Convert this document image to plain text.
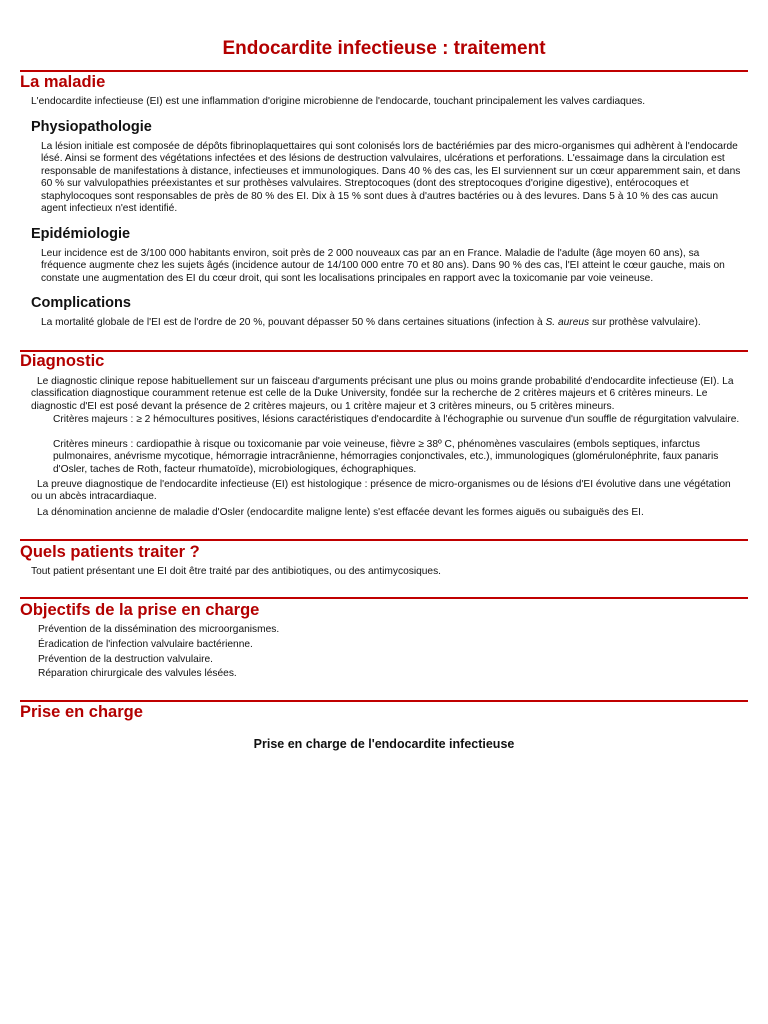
Endocardite infectieuse : traitement
La maladie
L'endocardite infectieuse (EI) est une inflammation d'origine microbienne de l'endocarde, touchant principalement les valves cardiaques.
Physiopathologie
La lésion initiale est composée de dépôts fibrinoplaquettaires qui sont colonisés lors de bactériémies par des micro-organismes qui adhèrent à l'endocarde lésé. Ainsi se forment des végétations infectées et des lésions de destruction valvulaires, ulcérations et perforations. L'essaimage dans la circulation est responsable de manifestations à distance, infectieuses et immunologiques. Dans 40 % des cas, les EI surviennent sur un cœur apparemment sain, et dans 60 % sur valvulopathies préexistantes et sur prothèses valvulaires. Streptocoques (dont des streptocoques d'origine digestive), entérocoques et staphylocoques sont responsables de près de 80 % des EI. Dix à 15 % sont dues à d'autres bactéries ou à des levures. Dans 5 à 10 % des cas aucun agent infectieux n'est identifié.
Epidémiologie
Leur incidence est de 3/100 000 habitants environ, soit près de 2 000 nouveaux cas par an en France. Maladie de l'adulte (âge moyen 60 ans), sa fréquence augmente chez les sujets âgés (incidence autour de 14/100 000 entre 70 et 80 ans). Dans 90 % des cas, l'EI atteint le cœur gauche, mais on constate une augmentation des EI du cœur droit, qui sont les localisations principales en rapport avec la toxicomanie par voie veineuse.
Complications
La mortalité globale de l'EI est de l'ordre de 20 %, pouvant dépasser 50 % dans certaines situations (infection à S. aureus sur prothèse valvulaire).
Diagnostic
Le diagnostic clinique repose habituellement sur un faisceau d'arguments précisant une plus ou moins grande probabilité d'endocardite infectieuse (EI). La classification diagnostique couramment retenue est celle de la Duke University, fondée sur la recherche de 2 critères majeurs et 6 critères mineurs. Le diagnostic d'EI est posé devant la présence de 2 critères majeurs, ou 1 critère majeur et 3 critères mineurs, ou 5 critères mineurs.
Critères majeurs : ≥ 2 hémocultures positives, lésions caractéristiques d'endocardite à l'échographie ou survenue d'un souffle de régurgitation valvulaire.
Critères mineurs : cardiopathie à risque ou toxicomanie par voie veineuse, fièvre ≥ 38º C, phénomènes vasculaires (embols septiques, infarctus pulmonaires, anévrisme mycotique, hémorragie intracrânienne, hémorragies conjonctivales, etc.), immunologiques (glomérulonéphrite, faux panaris d'Osler, taches de Roth, facteur rhumatoïde), microbiologiques, échographiques.
La preuve diagnostique de l'endocardite infectieuse (EI) est histologique : présence de micro-organismes ou de lésions d'EI évolutive dans une végétation ou un abcès intracardiaque.
La dénomination ancienne de maladie d'Osler (endocardite maligne lente) s'est effacée devant les formes aiguës ou subaiguës des EI.
Quels patients traiter ?
Tout patient présentant une EI doit être traité par des antibiotiques, ou des antimycosiques.
Objectifs de la prise en charge
Prévention de la dissémination des microorganismes.
Éradication de l'infection valvulaire bactérienne.
Prévention de la destruction valvulaire.
Réparation chirurgicale des valvules lésées.
Prise en charge
Prise en charge de l'endocardite infectieuse
